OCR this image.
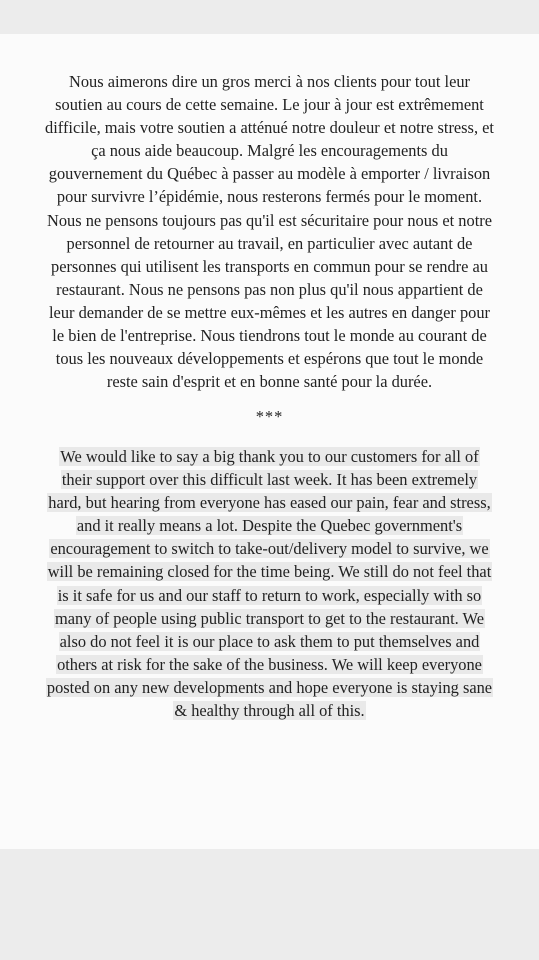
Nous aimerons dire un gros merci à nos clients pour tout leur
soutien au cours de cette semaine. Le jour à jour est extrêmement
difficile, mais votre soutien a atténué notre douleur et notre stress, et
ça nous aide beaucoup. Malgré les encouragements du
gouvernement du Québec à passer au modèle à emporter / livraison
pour survivre l’épidémie, nous resterons fermés pour le moment.
Nous ne pensons toujours pas qu'il est sécuritaire pour nous et notre
personnel de retourner au travail, en particulier avec autant de
personnes qui utilisent les transports en commun pour se rendre au
restaurant. Nous ne pensons pas non plus qu'il nous appartient de
leur demander de se mettre eux-mêmes et les autres en danger pour
le bien de l'entreprise. Nous tiendrons tout le monde au courant de
tous les nouveaux développements et espérons que tout le monde
reste sain d'esprit et en bonne santé pour la durée.
***
We would like to say a big thank you to our customers for all of
their support over this difficult last week. It has been extremely
hard, but hearing from everyone has eased our pain, fear and stress,
and it really means a lot. Despite the Quebec government's
encouragement to switch to take-out/delivery model to survive, we
will be remaining closed for the time being. We still do not feel that
is it safe for us and our staff to return to work, especially with so
many of people using public transport to get to the restaurant. We
also do not feel it is our place to ask them to put themselves and
others at risk for the sake of the business. We will keep everyone
posted on any new developments and hope everyone is staying sane
& healthy through all of this.
